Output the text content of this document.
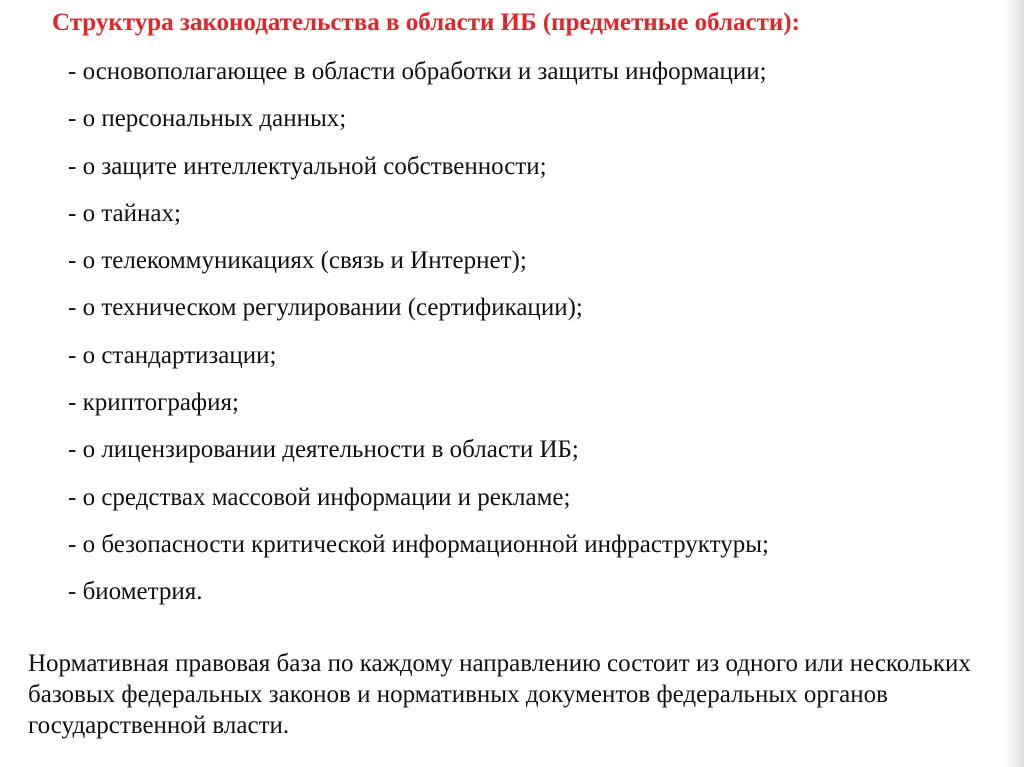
Структура законодательства в области ИБ (предметные области):
- основополагающее в области обработки и защиты информации;
- о персональных данных;
- о защите интеллектуальной собственности;
- о тайнах;
- о телекоммуникациях (связь и Интернет);
- о техническом регулировании (сертификации);
- о стандартизации;
- криптография;
- о лицензировании деятельности в области ИБ;
- о средствах массовой информации и рекламе;
- о безопасности критической информационной инфраструктуры;
- биометрия.

Нормативная правовая база по каждому направлению состоит из одного или нескольких базовых федеральных законов и нормативных документов федеральных органов государственной власти.
